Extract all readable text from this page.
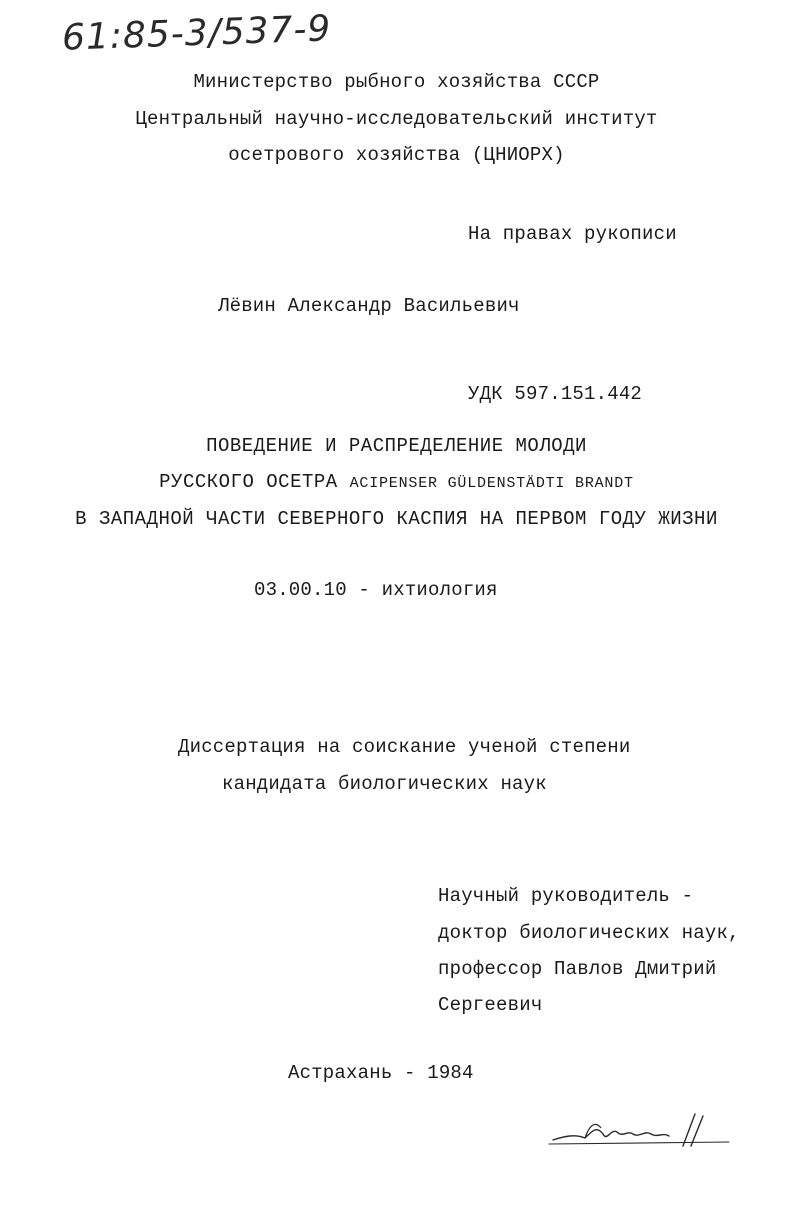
61:85-3/537-9
Министерство рыбного хозяйства СССР
Центральный научно-исследовательский институт
осетрового хозяйства (ЦНИОРХ)
На правах рукописи
Лёвин Александр Васильевич
УДК 597.151.442
ПОВЕДЕНИЕ И РАСПРЕДЕЛЕНИЕ МОЛОДИ
РУССКОГО ОСЕТРА ACIPENSER GÜLDENSTÄDTI BRANDT
В ЗАПАДНОЙ ЧАСТИ СЕВЕРНОГО КАСПИЯ НА ПЕРВОМ ГОДУ ЖИЗНИ
03.00.10 - ихтиология
Диссертация на соискание ученой степени
кандидата биологических наук
Научный руководитель -
доктор биологических наук,
профессор Павлов Дмитрий
Сергеевич
Астрахань - 1984
